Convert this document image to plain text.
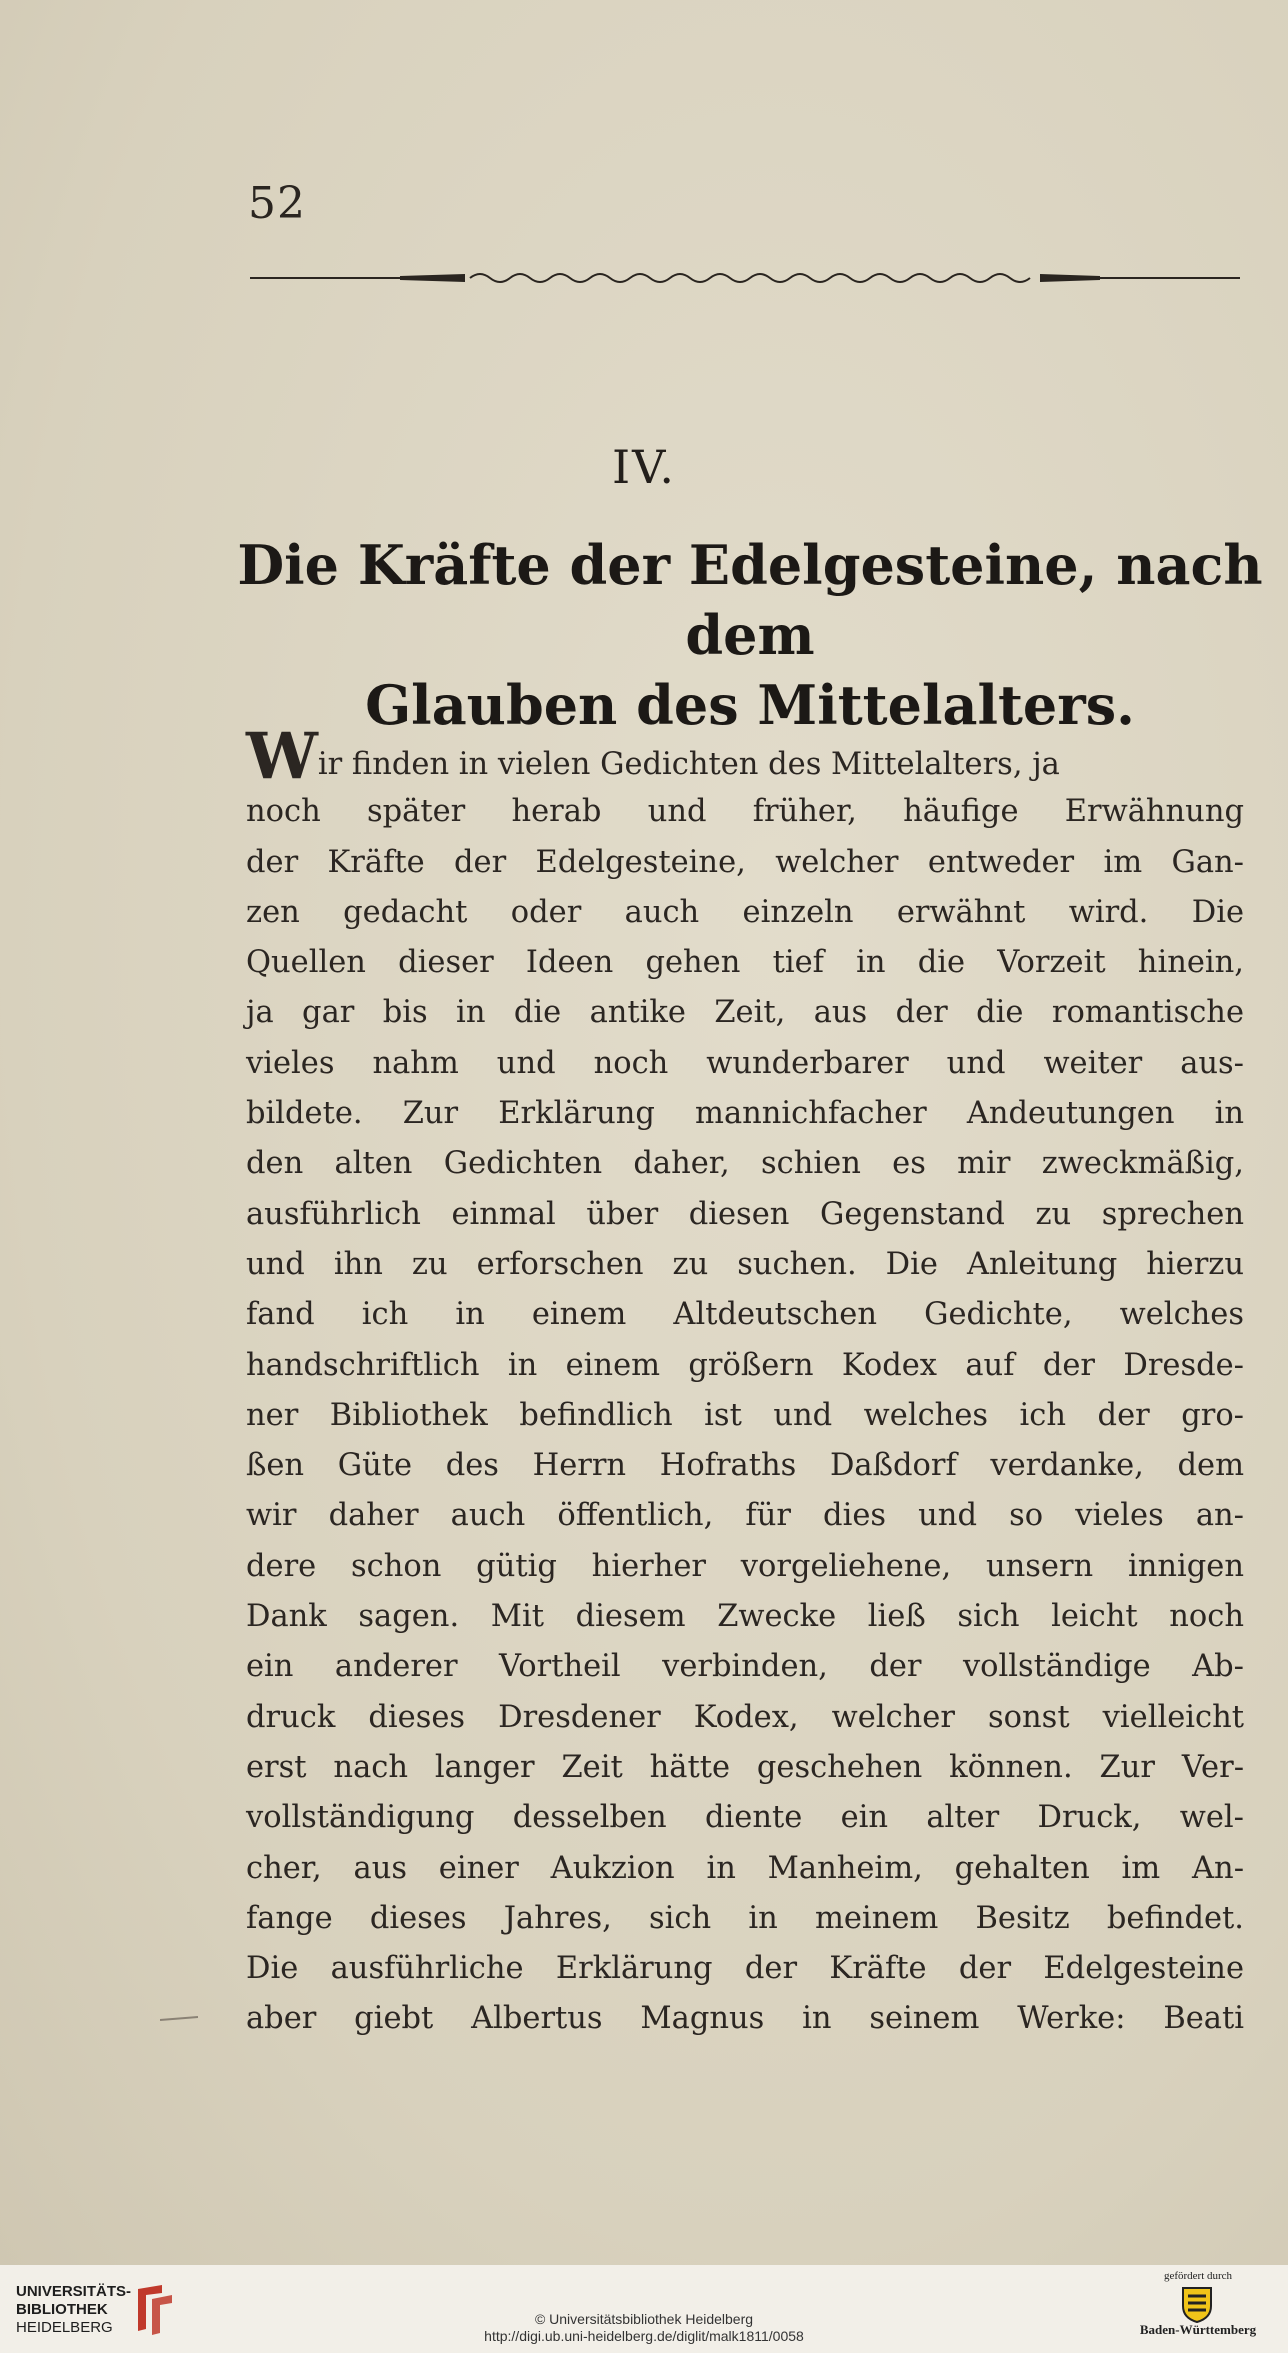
52
IV.
Die Kräfte der Edelgesteine, nach dem
Glauben des Mittelalters.
Wir finden in vielen Gedichten des Mittelalters, ja
noch später herab und früher, häufige Erwähnung
der Kräfte der Edelgesteine, welcher entweder im Gan-
zen gedacht oder auch einzeln erwähnt wird. Die
Quellen dieser Ideen gehen tief in die Vorzeit hinein,
ja gar bis in die antike Zeit, aus der die romantische
vieles nahm und noch wunderbarer und weiter aus-
bildete. Zur Erklärung mannichfacher Andeutungen in
den alten Gedichten daher, schien es mir zweckmäßig,
ausführlich einmal über diesen Gegenstand zu sprechen
und ihn zu erforschen zu suchen. Die Anleitung hierzu
fand ich in einem Altdeutschen Gedichte, welches
handschriftlich in einem größern Kodex auf der Dresde-
ner Bibliothek befindlich ist und welches ich der gro-
ßen Güte des Herrn Hofraths Daßdorf verdanke, dem
wir daher auch öffentlich, für dies und so vieles an-
dere schon gütig hierher vorgeliehene, unsern innigen
Dank sagen. Mit diesem Zwecke ließ sich leicht noch
ein anderer Vortheil verbinden, der vollständige Ab-
druck dieses Dresdener Kodex, welcher sonst vielleicht
erst nach langer Zeit hätte geschehen können. Zur Ver-
vollständigung desselben diente ein alter Druck, wel-
cher, aus einer Aukzion in Manheim, gehalten im An-
fange dieses Jahres, sich in meinem Besitz befindet.
Die ausführliche Erklärung der Kräfte der Edelgesteine
aber giebt Albertus Magnus in seinem Werke: Beati
UNIVERSITÄTS-
BIBLIOTHEK
HEIDELBERG	© Universitätsbibliothek Heidelberg
http://digi.ub.uni-heidelberg.de/diglit/malk1811/0058
gefördert durch
Baden-Württemberg
